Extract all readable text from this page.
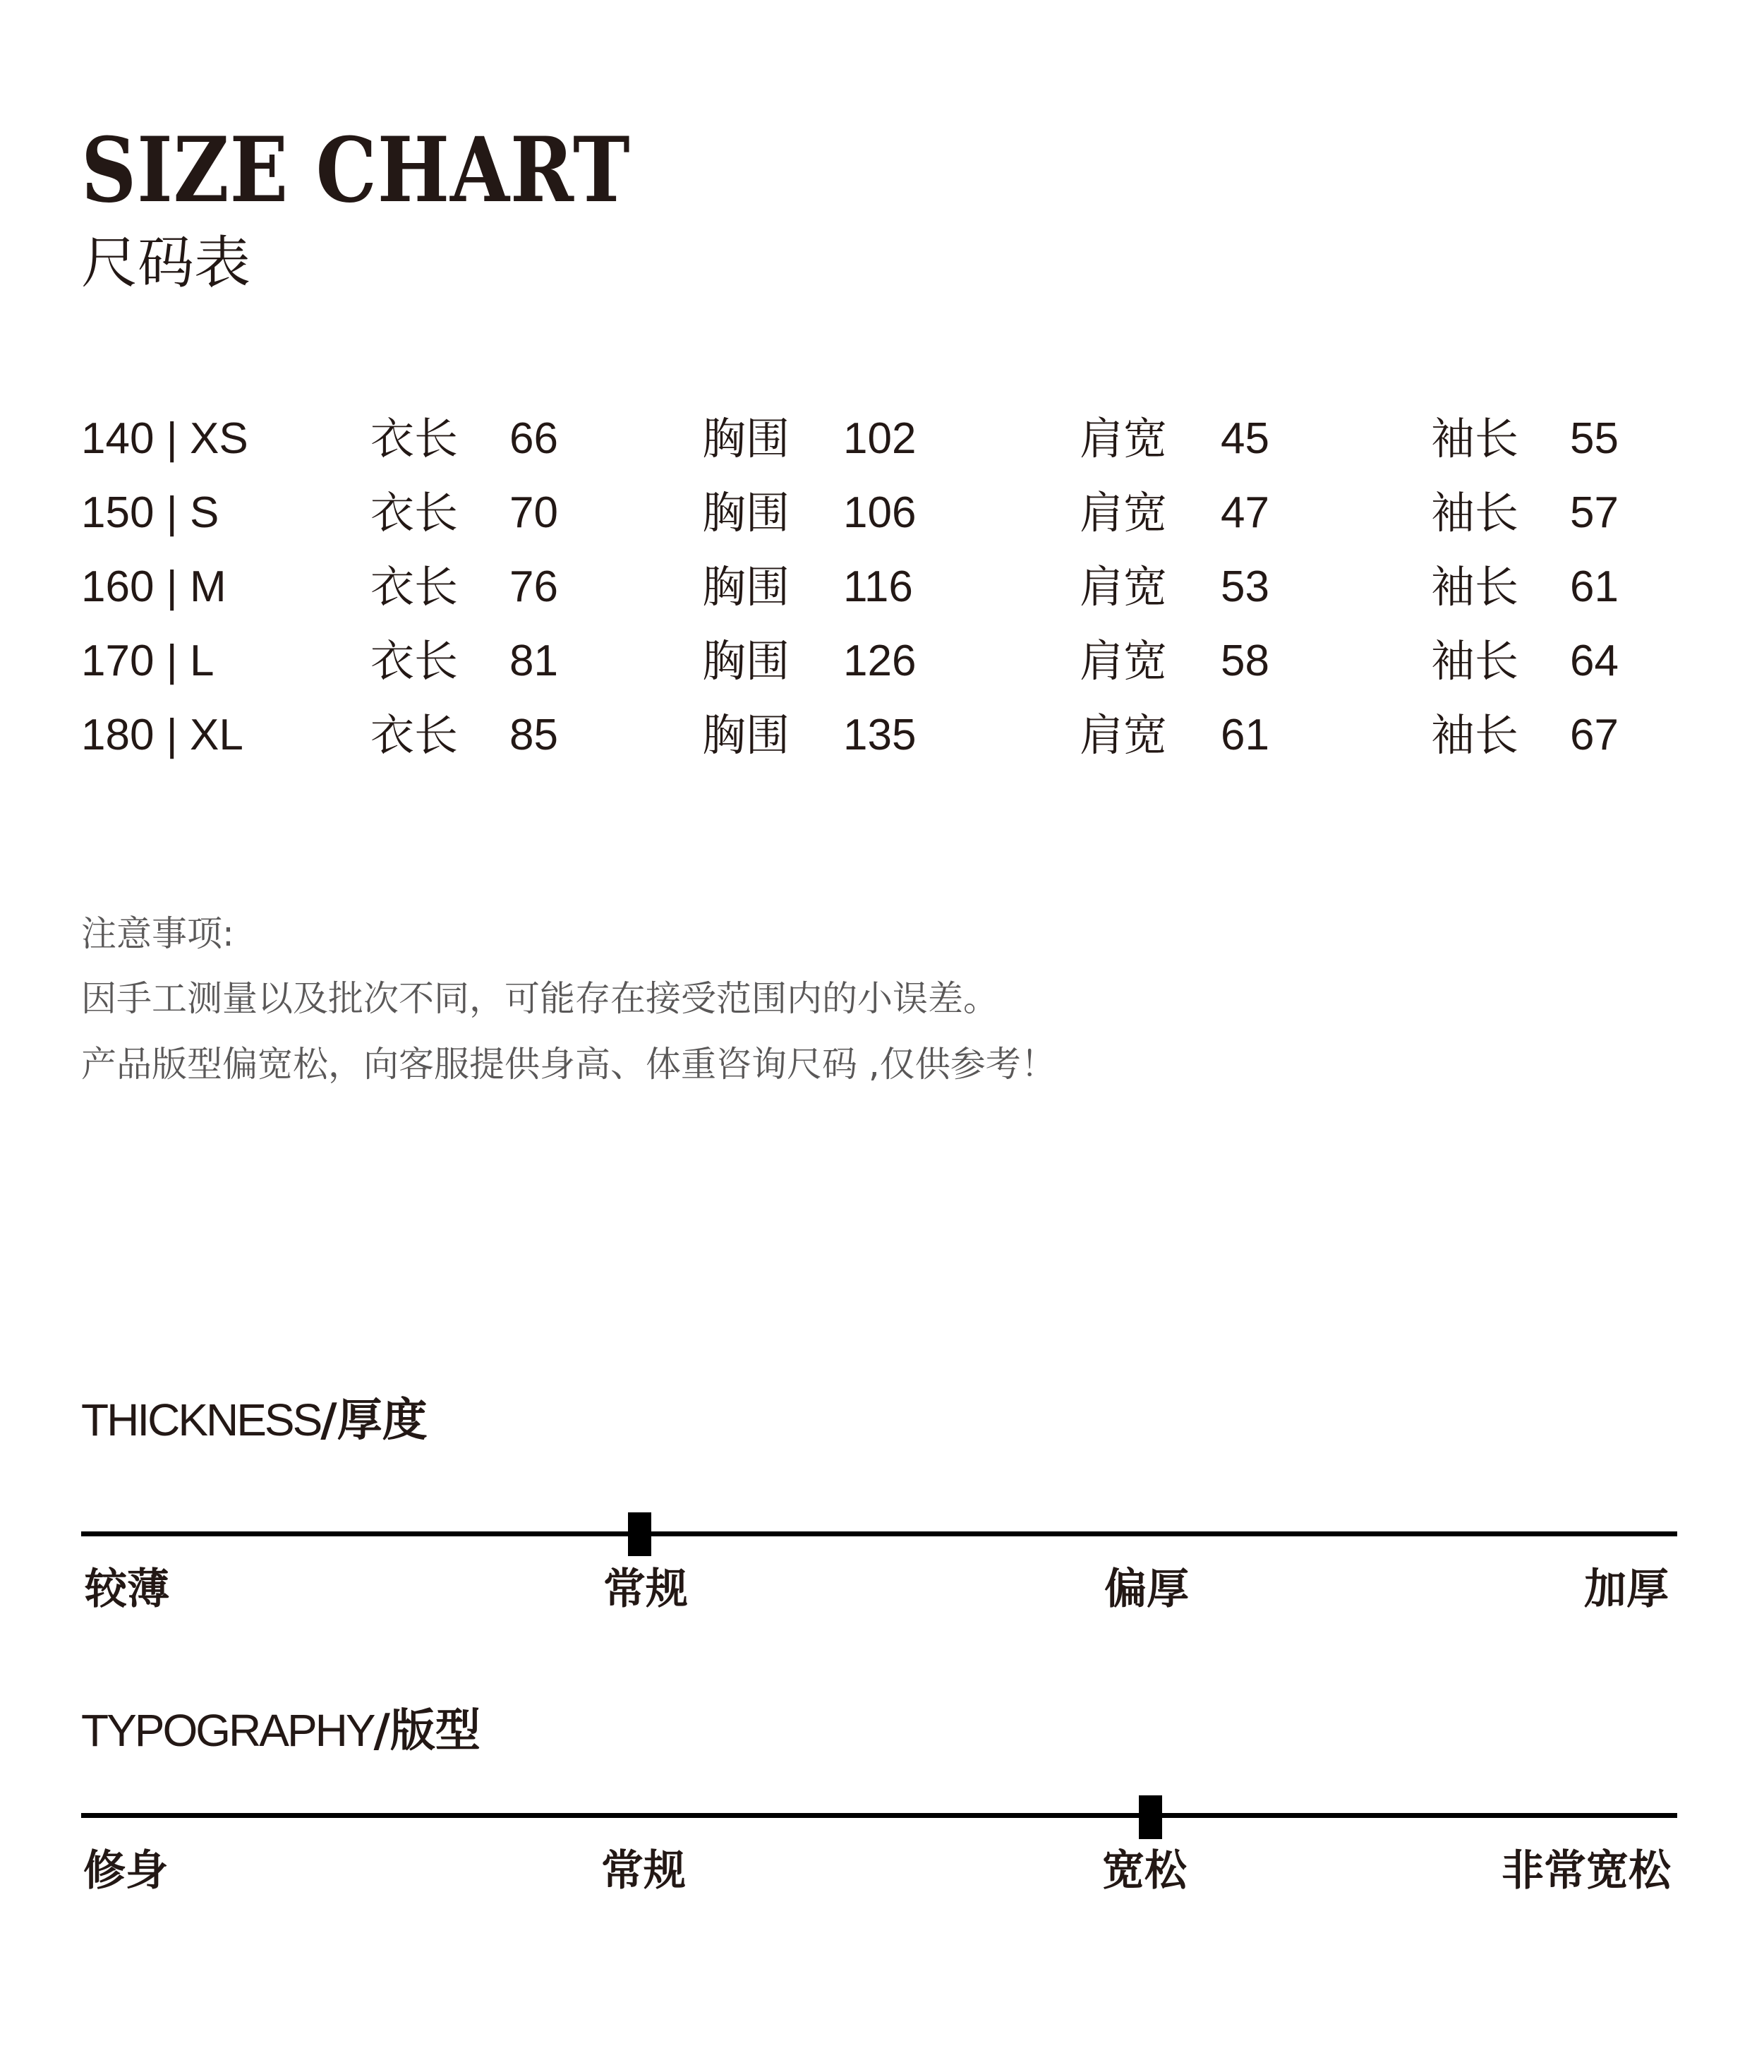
SIZE CHART
尺码表
140 | XS	衣长 66	胸围 102	肩宽 45	袖长 55
150 | S	衣长 70	胸围 106	肩宽 47	袖长 57
160 | M	衣长 76	胸围 116	肩宽 53	袖长 61
170 | L	衣长 81	胸围 126	肩宽 58	袖长 64
180 | XL	衣长 85	胸围 135	肩宽 61	袖长 67
注意事项:
因手工测量以及批次不同，可能存在接受范围内的小误差。
产品版型偏宽松，向客服提供身高、体重咨询尺码 ,仅供参考！
THICKNESS/厚度
较薄	常规	偏厚	加厚
TYPOGRAPHY/版型
修身	常规	宽松	非常宽松
